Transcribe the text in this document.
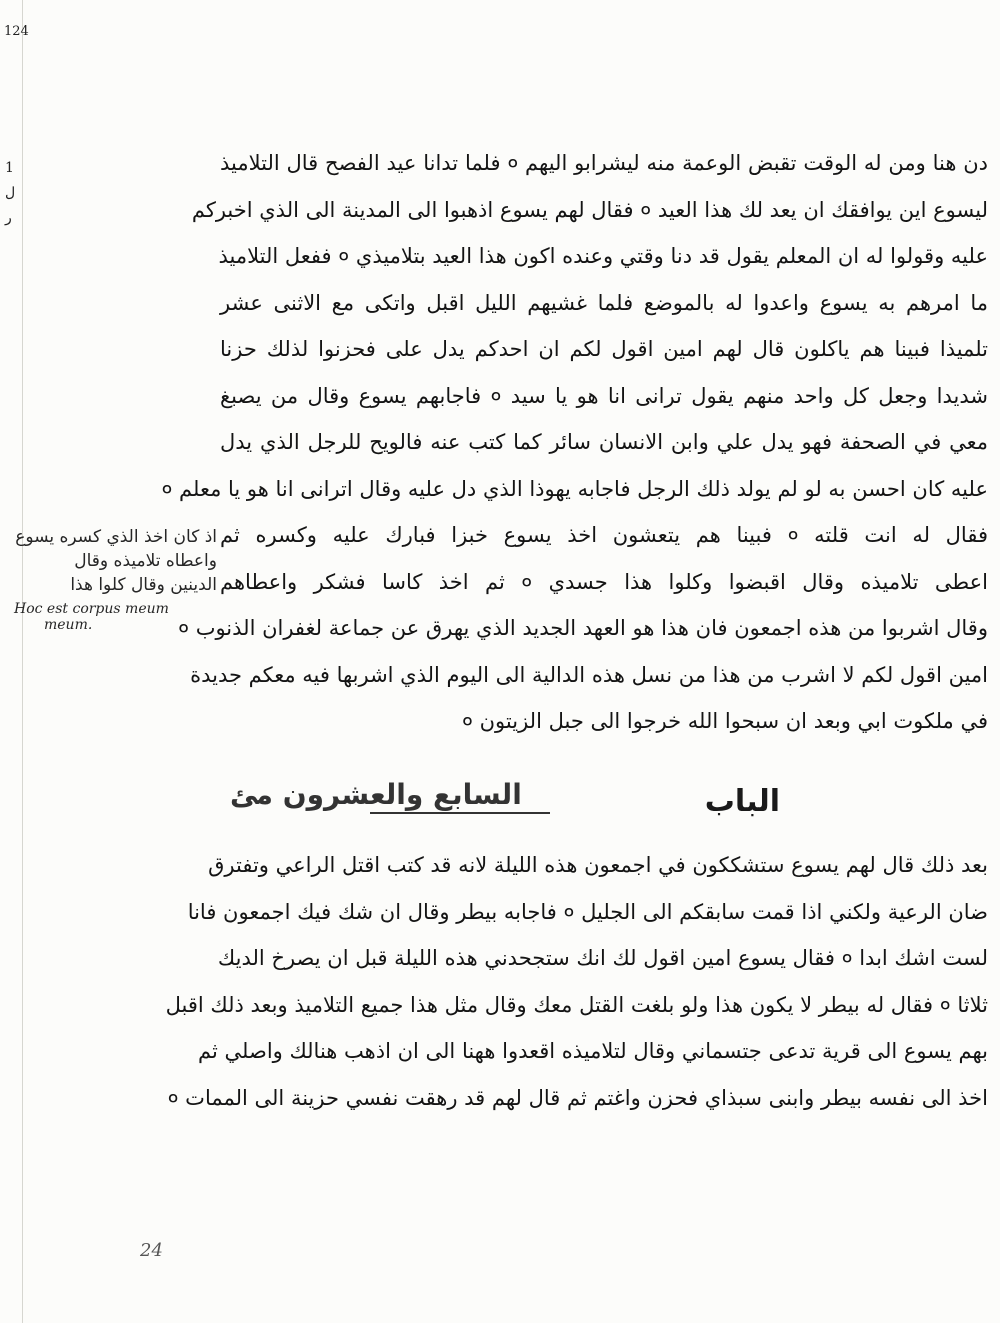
1
ل
ر
124
دن هنا ومن له الوقت تقبض الوعمة منه ليشرابو اليهم ० فلما تدانا عيد الفصح قال التلاميذ
ليسوع اين يوافقك ان يعد لك هذا العيد ० فقال لهم يسوع اذهبوا الى المدينة الى الذي اخبركم
عليه وقولوا له ان المعلم يقول قد دنا وقتي وعنده اكون هذا العيد بتلاميذي ० ففعل التلاميذ
ما امرهم به يسوع واعدوا له بالموضع فلما غشيهم الليل اقبل واتكى مع الاثنى عشر
تلميذا فبينا هم ياكلون قال لهم امين اقول لكم ان احدكم يدل على فحزنوا لذلك حزنا
شديدا وجعل كل واحد منهم يقول ترانى انا هو يا سيد ० فاجابهم يسوع وقال من يصبغ
معي في الصحفة فهو يدل علي وابن الانسان سائر كما كتب عنه فالويح للرجل الذي يدل
عليه كان احسن به لو لم يولد ذلك الرجل فاجابه يهوذا الذي دل عليه وقال اترانى انا هو يا معلم ०
فقال له انت قلته ० فبينا هم يتعشون اخذ يسوع خبزا فبارك عليه وكسره ثم
اعطى تلاميذه وقال اقبضوا وكلوا هذا جسدي ० ثم اخذ كاسا فشكر واعطاهم
وقال اشربوا من هذه اجمعون فان هذا هو العهد الجديد الذي يهرق عن جماعة لغفران الذنوب ०
امين اقول لكم لا اشرب من هذا من نسل هذه الدالية الى اليوم الذي اشربها فيه معكم جديدة
في ملكوت ابي وبعد ان سبحوا الله خرجوا الى جبل الزيتون ०
الباب
السابع والعشرون مئ
بعد ذلك قال لهم يسوع ستشككون في اجمعون هذه الليلة لانه قد كتب اقتل الراعي وتفترق
ضان الرعية ولكني اذا قمت سابقكم الى الجليل ० فاجابه بيطر وقال ان شك فيك اجمعون فانا
لست اشك ابدا ० فقال يسوع امين اقول لك انك ستجحدني هذه الليلة قبل ان يصرخ الديك
ثلاثا ० فقال له بيطر لا يكون هذا ولو بلغت القتل معك وقال مثل هذا جميع التلاميذ وبعد ذلك اقبل
بهم يسوع الى قرية تدعى جتسماني وقال لتلاميذه اقعدوا ههنا الى ان اذهب هنالك واصلي ثم
اخذ الى نفسه بيطر وابنى سبذاي فحزن واغتم ثم قال لهم قد رهقت نفسي حزينة الى الممات ०
اذ كان اخذ الذي كسره يسوع
واعطاه تلاميذه وقال
الدينين وقال كلوا هذا
Hoc est corpus meum
meum.
24
